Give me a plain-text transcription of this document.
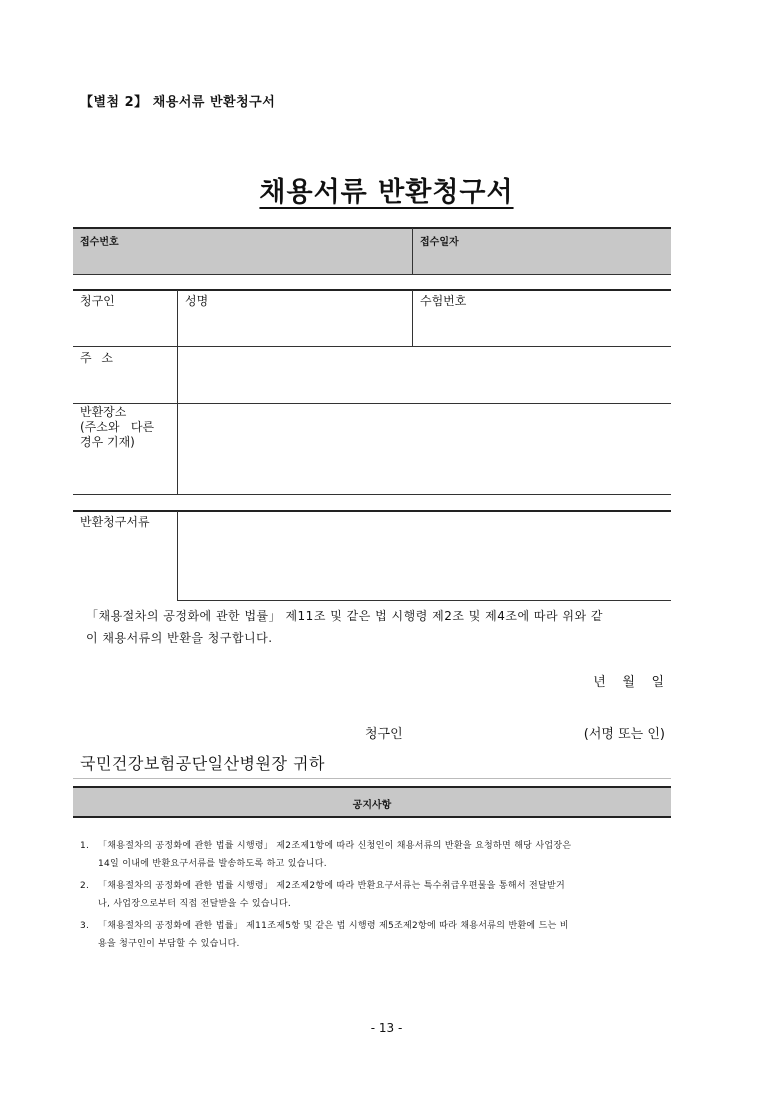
【별첨 2】 채용서류 반환청구서
채용서류 반환청구서
접수번호	접수일자
청구인	성명	수험번호
주 소
반환장소
(주소와   다른
경우 기재)
반환청구서류
「채용절차의 공정화에 관한 법률」 제11조 및 같은 법 시행령 제2조 및 제4조에 따라 위와 같
이 채용서류의 반환을 청구합니다.
년    월    일
청구인	(서명 또는 인)
국민건강보험공단일산병원장 귀하
공지사항
1. 「채용절차의 공정화에 관한 법률 시행령」 제2조제1항에 따라 신청인이 채용서류의 반환을 요청하면 해당 사업장은
14일 이내에 반환요구서류를 발송하도록 하고 있습니다.
2. 「채용절차의 공정화에 관한 법률 시행령」 제2조제2항에 따라 반환요구서류는 특수취급우편물을 통해서 전달받거
나, 사업장으로부터 직접 전달받을 수 있습니다.
3. 「채용절차의 공정화에 관한 법률」 제11조제5항 및 같은 법 시행령 제5조제2항에 따라 채용서류의 반환에 드는 비
용을 청구인이 부담할 수 있습니다.
- 13 -
